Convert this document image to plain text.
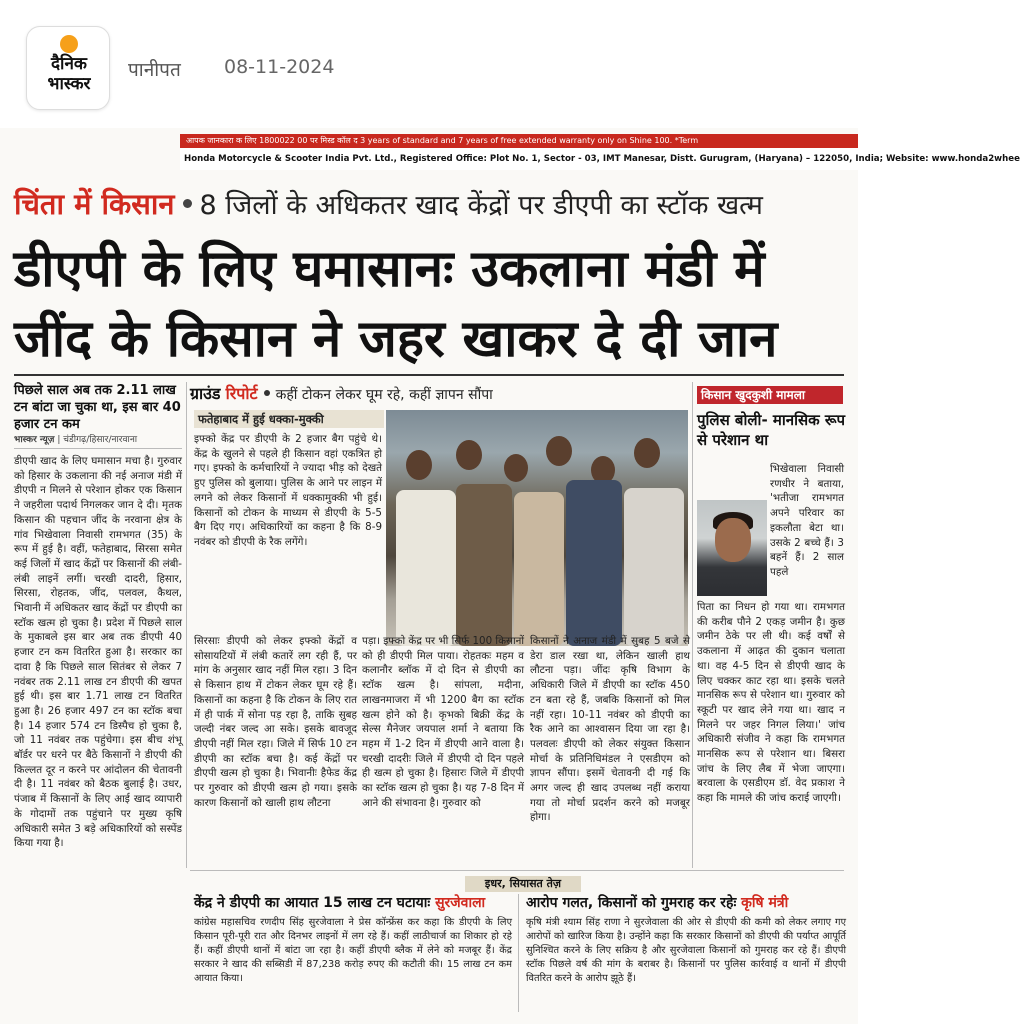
दैनिक
भास्कर
पानीपत 08-11-2024
आपक जानकारा क लिए 1800022 00 पर मिस्ड कॉल द 3 years of standard and 7 years of free extended warranty only on Shine 100. *Term
Honda Motorcycle & Scooter India Pvt. Ltd., Registered Office: Plot No. 1, Sector - 03, IMT Manesar, Distt. Gurugram, (Haryana) – 122050, India; Website: www.honda2whee
चिंता में किसान 8 जिलों के अधिकतर खाद केंद्रों पर डीएपी का स्टॉक खत्म
डीएपी के लिए घमासानः उकलाना मंडी में
जींद के किसान ने जहर खाकर दे दी जान
पिछले साल अब तक 2.11 लाख टन बांटा जा चुका था, इस बार 40 हजार टन कम
भास्कर न्यूज़ | चंडीगढ़/हिसार/नारवाना
डीएपी खाद के लिए घमासान मचा है। गुरुवार को हिसार के उकलाना की नई अनाज मंडी में डीएपी न मिलने से परेशान होकर एक किसान ने जहरीला पदार्थ निगलकर जान दे दी। मृतक किसान की पहचान जींद के नरवाना क्षेत्र के गांव भिखेवाला निवासी रामभगत (35) के रूप में हुई है। वहीं, फतेहाबाद, सिरसा समेत कई जिलों में खाद केंद्रों पर किसानों की लंबी-लंबी लाइनें लगीं। चरखी दादरी, हिसार, सिरसा, रोहतक, जींद, पलवल, कैथल, भिवानी में अधिकतर खाद केंद्रों पर डीएपी का स्टॉक खत्म हो चुका है। प्रदेश में पिछले साल के मुकाबले इस बार अब तक डीएपी 40 हजार टन कम वितरित हुआ है। सरकार का दावा है कि पिछले साल सितंबर से लेकर 7 नवंबर तक 2.11 लाख टन डीएपी की खपत हुई थी। इस बार 1.71 लाख टन वितरित हुआ है। 26 हजार 497 टन का स्टॉक बचा है। 14 हजार 574 टन डिस्पैच हो चुका है, जो 11 नवंबर तक पहुंचेगा। इस बीच शंभू बॉर्डर पर धरने पर बैठे किसानों ने डीएपी की किल्लत दूर न करने पर आंदोलन की चेतावनी दी है। 11 नवंबर को बैठक बुलाई है। उधर, पंजाब में किसानों के लिए आई खाद व्यापारी के गोदामों तक पहुंचाने पर मुख्य कृषि अधिकारी समेत 3 बड़े अधिकारियों को सस्पेंड किया गया है।
ग्राउंड रिपोर्ट कहीं टोकन लेकर घूम रहे, कहीं ज्ञापन सौंपा
फतेहाबाद में हुई धक्का-मुक्की
इफ्को केंद्र पर डीएपी के 2 हजार बैग पहुंचे थे। केंद्र के खुलने से पहले ही किसान वहां एकत्रित हो गए। इफ्को के कर्मचारियों ने ज्यादा भीड़ को देखते हुए पुलिस को बुलाया। पुलिस के आने पर लाइन में लगने को लेकर किसानों में धक्कामुक्की भी हुई। किसानों को टोकन के माध्यम से डीएपी के 5-5 बैग दिए गए। अधिकारियों का कहना है कि 8-9 नवंबर को डीएपी के रैक लगेंगे।
सिरसाः डीएपी को लेकर इफ्को केंद्रों व सोसायटियों में लंबी कतारें लग रही हैं, पर मांग के अनुसार खाद नहीं मिल रहा। 3 दिन से किसान हाथ में टोकन लेकर घूम रहे हैं। किसानों का कहना है कि टोकन के लिए रात में ही पार्क में सोना पड़ रहा है, ताकि सुबह जल्दी नंबर जल्द आ सके। इसके बावजूद डीएपी नहीं मिल रहा। जिले में सिर्फ 10 टन डीएपी का स्टॉक बचा है। कई केंद्रों पर डीएपी खत्म हो चुका है। भिवानीः हैफेड केंद्र पर गुरुवार को डीएपी खत्म हो गया। इसके कारण किसानों को खाली हाथ लौटना
पड़ा। इफ्को केंद्र पर भी सिर्फ 100 किसानों को ही डीएपी मिल पाया। रोहतकः महम व कलानौर ब्लॉक में दो दिन से डीएपी का स्टॉक खत्म है। सांपला, मदीना, लाखनमाजरा में भी 1200 बैग का स्टॉक खत्म होने को है। कृभको बिक्री केंद्र के सेल्स मैनेजर जयपाल शर्मा ने बताया कि महम में 1-2 दिन में डीएपी आने वाला है। चरखी दादरीः जिले में डीएपी दो दिन पहले ही खत्म हो चुका है। हिसारः जिले में डीएपी का स्टॉक खत्म हो चुका है। यह 7-8 दिन में आने की संभावना है। गुरुवार को
किसानों ने अनाज मंडी में सुबह 5 बजे से डेरा डाल रखा था, लेकिन खाली हाथ लौटना पड़ा। जींदः कृषि विभाग के अधिकारी जिले में डीएपी का स्टॉक 450 टन बता रहे हैं, जबकि किसानों को मिल नहीं रहा। 10-11 नवंबर को डीएपी का रैक आने का आश्वासन दिया जा रहा है। पलवलः डीएपी को लेकर संयुक्त किसान मोर्चा के प्रतिनिधिमंडल ने एसडीएम को ज्ञापन सौंपा। इसमें चेतावनी दी गई कि अगर जल्द ही खाद उपलब्ध नहीं कराया गया तो मोर्चा प्रदर्शन करने को मजबूर होगा।
किसान खुदकुशी मामला
पुलिस बोली- मानसिक रूप से परेशान था
भिखेवाला निवासी रणधीर ने बताया, 'भतीजा रामभगत अपने परिवार का इकलौता बेटा था। उसके 2 बच्चे हैं। 3 बहनें हैं। 2 साल पहले
पिता का निधन हो गया था। रामभगत की करीब पौने 2 एकड़ जमीन है। कुछ जमीन ठेके पर ली थी। कई वर्षों से उकलाना में आढ़त की दुकान चलाता था। वह 4-5 दिन से डीएपी खाद के लिए चक्कर काट रहा था। इसके चलते मानसिक रूप से परेशान था। गुरुवार को स्कूटी पर खाद लेने गया था। खाद न मिलने पर जहर निगल लिया।' जांच अधिकारी संजीव ने कहा कि रामभगत मानसिक रूप से परेशान था। बिसरा जांच के लिए लैब में भेजा जाएगा। बरवाला के एसडीएम डॉ. वेद प्रकाश ने कहा कि मामले की जांच कराई जाएगी।
इधर, सियासत तेज़
केंद्र ने डीएपी का आयात 15 लाख टन घटायाः सुरजेवाला
कांग्रेस महासचिव रणदीप सिंह सुरजेवाला ने प्रेस कॉन्फ्रेंस कर कहा कि डीएपी के लिए किसान पूरी-पूरी रात और दिनभर लाइनों में लग रहे हैं। कहीं लाठीचार्ज का शिकार हो रहे हैं। कहीं डीएपी थानों में बांटा जा रहा है। कहीं डीएपी ब्लैक में लेने को मजबूर हैं। केंद्र सरकार ने खाद की सब्सिडी में 87,238 करोड़ रुपए की कटौती की। 15 लाख टन कम आयात किया।
आरोप गलत, किसानों को गुमराह कर रहेः कृषि मंत्री
कृषि मंत्री श्याम सिंह राणा ने सुरजेवाला की ओर से डीएपी की कमी को लेकर लगाए गए आरोपों को खारिज किया है। उन्होंने कहा कि सरकार किसानों को डीएपी की पर्याप्त आपूर्ति सुनिश्चित करने के लिए सक्रिय है और सुरजेवाला किसानों को गुमराह कर रहे हैं। डीएपी स्टॉक पिछले वर्ष की मांग के बराबर है। किसानों पर पुलिस कार्रवाई व थानों में डीएपी वितरित करने के आरोप झूठे हैं।
